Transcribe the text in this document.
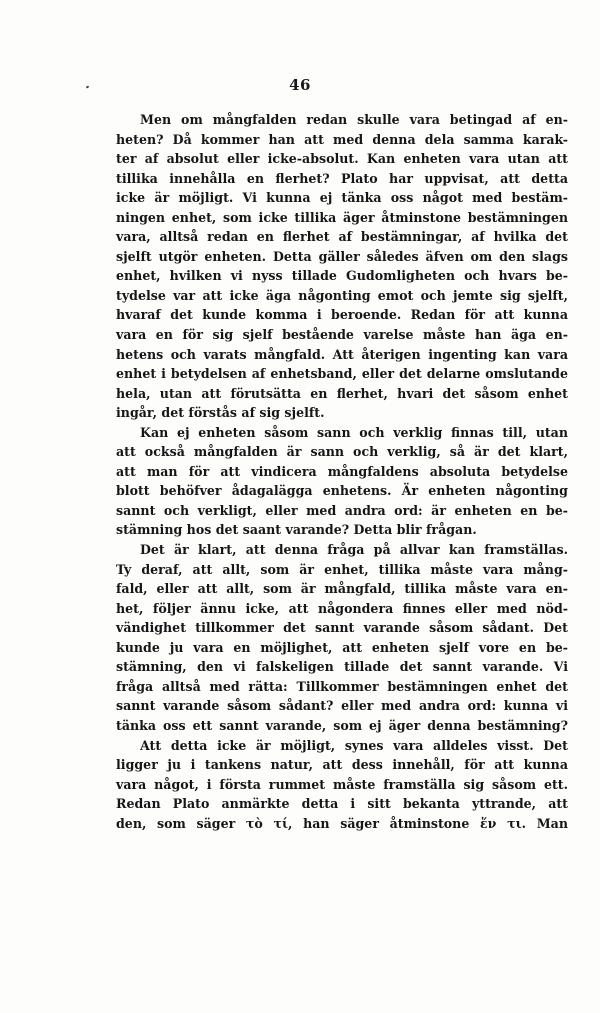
46
Men om mångfalden redan skulle vara betingad af en-
heten? Då kommer han att med denna dela samma karak-
ter af absolut eller icke-absolut. Kan enheten vara utan att
tillika innehålla en flerhet? Plato har uppvisat, att detta
icke är möjligt. Vi kunna ej tänka oss något med bestäm-
ningen enhet, som icke tillika äger åtminstone bestämningen
vara, alltså redan en flerhet af bestämningar, af hvilka det
sjelft utgör enheten. Detta gäller således äfven om den slags
enhet, hvilken vi nyss tillade Gudomligheten och hvars be-
tydelse var att icke äga någonting emot och jemte sig sjelft,
hvaraf det kunde komma i beroende. Redan för att kunna
vara en för sig sjelf bestående varelse måste han äga en-
hetens och varats mångfald. Att återigen ingenting kan vara
enhet i betydelsen af enhetsband, eller det delarne omslutande
hela, utan att förutsätta en flerhet, hvari det såsom enhet
ingår, det förstås af sig sjelft.
Kan ej enheten såsom sann och verklig finnas till, utan
att också mångfalden är sann och verklig, så är det klart,
att man för att vindicera mångfaldens absoluta betydelse
blott behöfver ådagalägga enhetens. Är enheten någonting
sannt och verkligt, eller med andra ord: är enheten en be-
stämning hos det saant varande? Detta blir frågan.
Det är klart, att denna fråga på allvar kan framställas.
Ty deraf, att allt, som är enhet, tillika måste vara mång-
fald, eller att allt, som är mångfald, tillika måste vara en-
het, följer ännu icke, att någondera finnes eller med nöd-
vändighet tillkommer det sannt varande såsom sådant. Det
kunde ju vara en möjlighet, att enheten sjelf vore en be-
stämning, den vi falskeligen tillade det sannt varande. Vi
fråga alltså med rätta: Tillkommer bestämningen enhet det
sannt varande såsom sådant? eller med andra ord: kunna vi
tänka oss ett sannt varande, som ej äger denna bestämning?
Att detta icke är möjligt, synes vara alldeles visst. Det
ligger ju i tankens natur, att dess innehåll, för att kunna
vara något, i första rummet måste framställa sig såsom ett.
Redan Plato anmärkte detta i sitt bekanta yttrande, att
den, som säger τὸ τί, han säger åtminstone ἕν τι. Man
